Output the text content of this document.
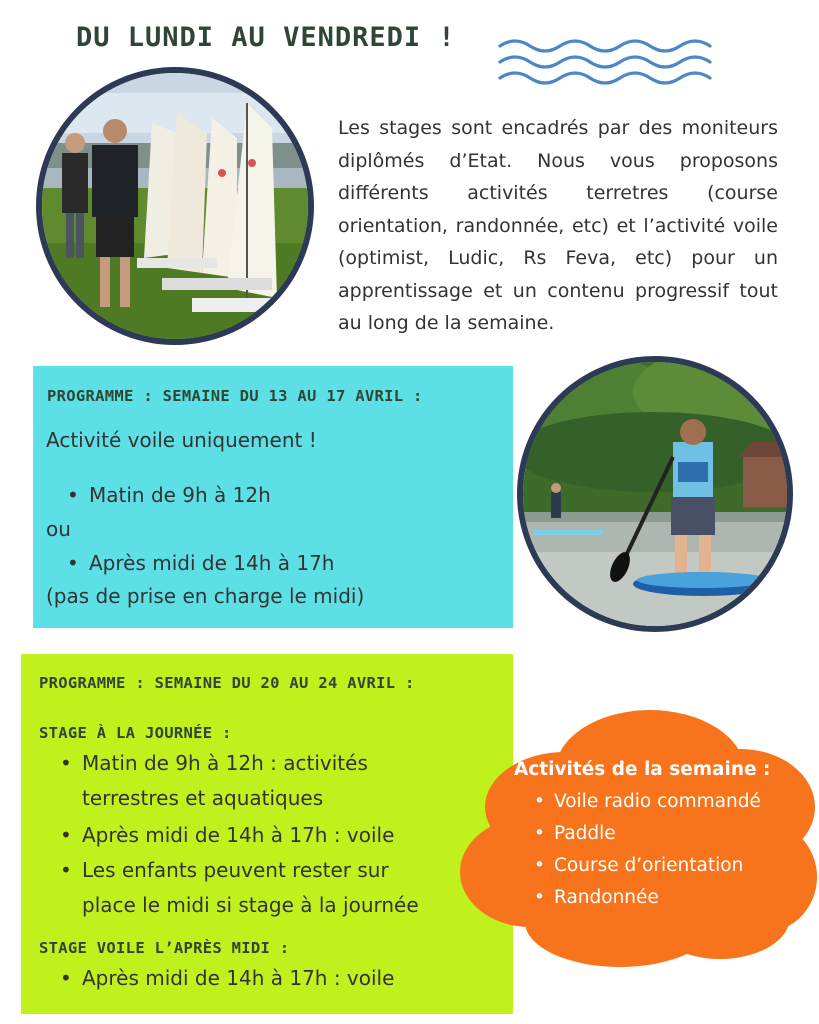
DU LUNDI AU VENDREDI !
Les stages sont encadrés par des moniteurs diplômés d’Etat. Nous vous proposons différents activités terretres (course orientation, randonnée, etc) et l’activité voile (optimist, Ludic, Rs Feva, etc) pour un apprentissage et un contenu progressif tout au long de la semaine.
PROGRAMME : SEMAINE DU 13 AU 17 AVRIL :
Activité voile uniquement !
• Matin de 9h à 12h
ou
• Après midi de 14h à 17h
(pas de prise en charge le midi)
PROGRAMME : SEMAINE DU 20 AU 24 AVRIL :
STAGE À LA JOURNÉE :
• Matin de 9h à 12h : activités
terrestres et aquatiques
• Après midi de 14h à 17h : voile
• Les enfants peuvent rester sur
place le midi si stage à la journée
STAGE VOILE L’APRÈS MIDI :
• Après midi de 14h à 17h : voile
Activités de la semaine :
• Voile radio commandé
• Paddle
• Course d’orientation
• Randonnée
